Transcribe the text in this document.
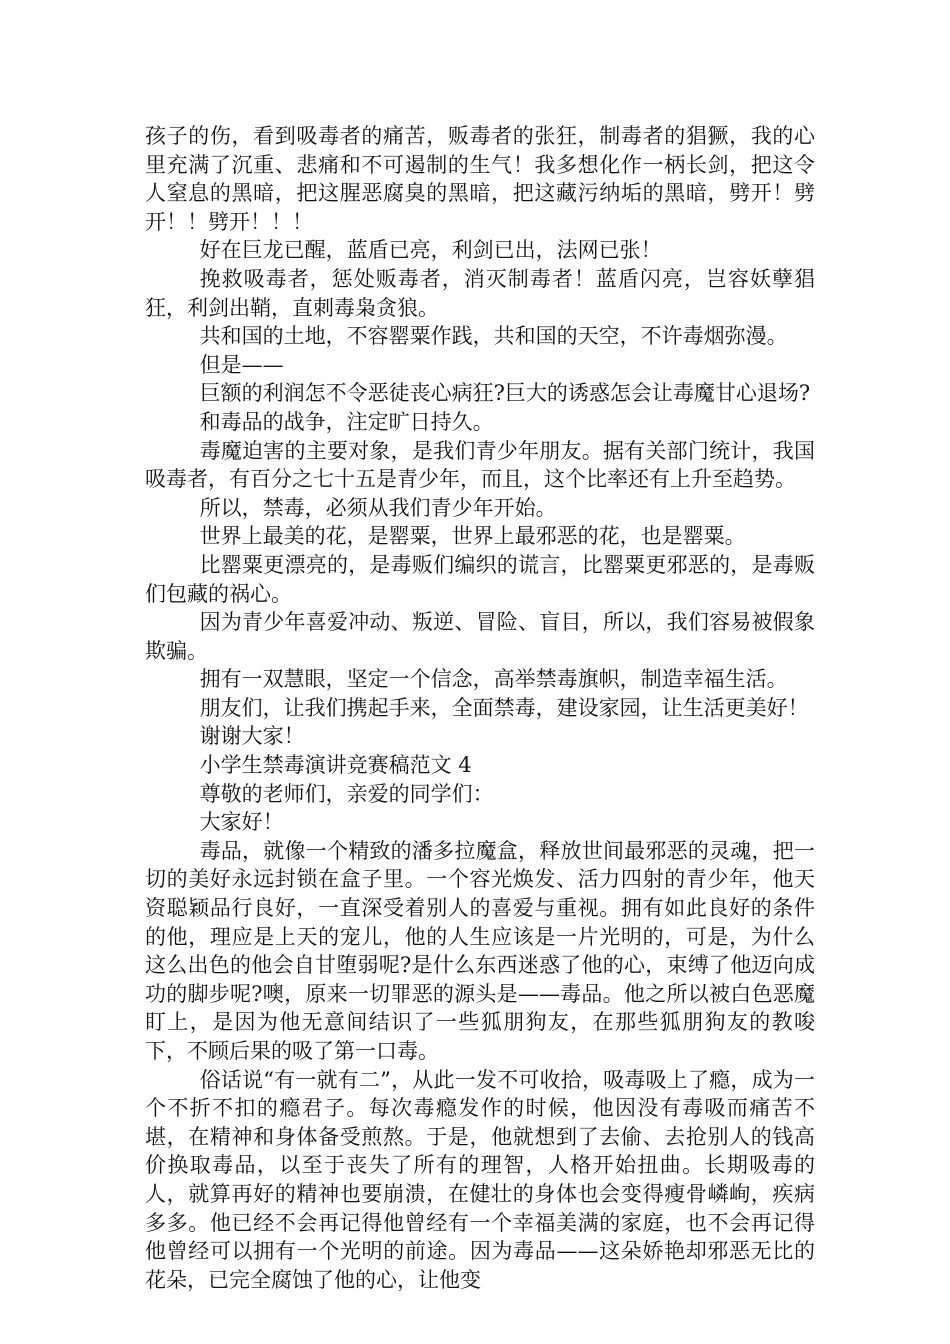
孩子的伤，看到吸毒者的痛苦，贩毒者的张狂，制毒者的猖獗，我的心里充满了沉重、悲痛和不可遏制的生气！我多想化作一柄长剑，把这令人窒息的黑暗，把这腥恶腐臭的黑暗，把这藏污纳垢的黑暗，劈开！劈开！！劈开！！！

好在巨龙已醒，蓝盾已亮，利剑已出，法网已张！

挽救吸毒者，惩处贩毒者，消灭制毒者！蓝盾闪亮，岂容妖孽猖狂，利剑出鞘，直刺毒枭贪狼。

共和国的土地，不容罂粟作践，共和国的天空，不许毒烟弥漫。

但是——

巨额的利润怎不令恶徒丧心病狂?巨大的诱惑怎会让毒魔甘心退场?

和毒品的战争，注定旷日持久。

毒魔迫害的主要对象，是我们青少年朋友。据有关部门统计，我国吸毒者，有百分之七十五是青少年，而且，这个比率还有上升至趋势。

所以，禁毒，必须从我们青少年开始。

世界上最美的花，是罂粟，世界上最邪恶的花，也是罂粟。

比罂粟更漂亮的，是毒贩们编织的谎言，比罂粟更邪恶的，是毒贩们包藏的祸心。

因为青少年喜爱冲动、叛逆、冒险、盲目，所以，我们容易被假象欺骗。

拥有一双慧眼，坚定一个信念，高举禁毒旗帜，制造幸福生活。

朋友们，让我们携起手来，全面禁毒，建设家园，让生活更美好！

谢谢大家！

小学生禁毒演讲竞赛稿范文 4

尊敬的老师们，亲爱的同学们：

大家好！

毒品，就像一个精致的潘多拉魔盒，释放世间最邪恶的灵魂，把一切的美好永远封锁在盒子里。一个容光焕发、活力四射的青少年，他天资聪颖品行良好，一直深受着别人的喜爱与重视。拥有如此良好的条件的他，理应是上天的宠儿，他的人生应该是一片光明的，可是，为什么这么出色的他会自甘堕弱呢?是什么东西迷惑了他的心，束缚了他迈向成功的脚步呢?噢，原来一切罪恶的源头是——毒品。他之所以被白色恶魔盯上，是因为他无意间结识了一些狐朋狗友，在那些狐朋狗友的教唆下，不顾后果的吸了第一口毒。

俗话说“有一就有二”，从此一发不可收拾，吸毒吸上了瘾，成为一个不折不扣的瘾君子。每次毒瘾发作的时候，他因没有毒吸而痛苦不堪，在精神和身体备受煎熬。于是，他就想到了去偷、去抢别人的钱高价换取毒品，以至于丧失了所有的理智，人格开始扭曲。长期吸毒的人，就算再好的精神也要崩溃，在健壮的身体也会变得瘦骨嶙峋，疾病多多。他已经不会再记得他曾经有一个幸福美满的家庭，也不会再记得他曾经可以拥有一个光明的前途。因为毒品——这朵娇艳却邪恶无比的花朵，已完全腐蚀了他的心，让他变
